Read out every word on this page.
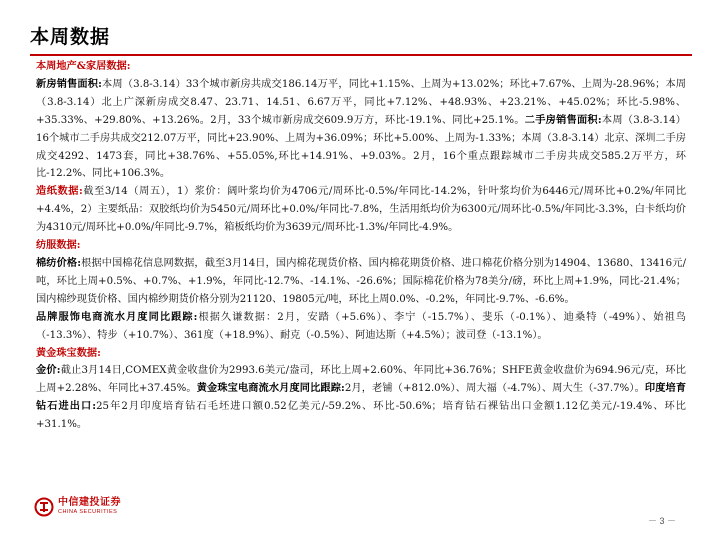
本周数据

本周地产&家居数据:

新房销售面积:本周（3.8-3.14）33个城市新房共成交186.14万平，同比+1.15%、上周为+13.02%；环比+7.67%、上周为-28.96%；本周（3.8-3.14）北上广深新房成交8.47、23.71、14.51、6.67万平，同比+7.12%、+48.93%、+23.21%、+45.02%；环比-5.98%、+35.33%、+29.80%、+13.26%。2月，33个城市新房成交609.9万方，环比-19.1%、同比+25.1%。二手房销售面积:本周（3.8-3.14）16个城市二手房共成交212.07万平，同比+23.90%、上周为+36.09%；环比+5.00%、上周为-1.33%；本周（3.8-3.14）北京、深圳二手房成交4292、1473套，同比+38.76%、+55.05%,环比+14.91%、+9.03%。2月，16个重点跟踪城市二手房共成交585.2万平方，环比-12.2%、同比+106.3%。

造纸数据:截至3/14（周五），1）浆价：阔叶浆均价为4706元/周环比-0.5%/年同比-14.2%，针叶浆均价为6446元/周环比+0.2%/年同比+4.4%，2）主要纸品：双胶纸均价为5450元/周环比+0.0%/年同比-7.8%，生活用纸均价为6300元/周环比-0.5%/年同比-3.3%，白卡纸均价为4310元/周环比+0.0%/年同比-9.7%，箱板纸均价为3639元/周环比-1.3%/年同比-4.9%。

纺服数据:

棉纺价格:根据中国棉花信息网数据，截至3月14日，国内棉花现货价格、国内棉花期货价格、进口棉花价格分别为14904、13680、13416元/吨，环比上周+0.5%、+0.7%、+1.9%，年同比-12.7%、-14.1%、-26.6%；国际棉花价格为78美分/磅，环比上周+1.9%，同比-21.4%；国内棉纱现货价格、国内棉纱期货价格分别为21120、19805元/吨，环比上周0.0%、-0.2%，年同比-9.7%、-6.6%。

品牌服饰电商流水月度同比跟踪:根据久谦数据：2月，安踏（+5.6%）、李宁（-15.7%）、斐乐（-0.1%）、迪桑特（-49%）、始祖鸟（-13.3%）、特步（+10.7%）、361度（+18.9%）、耐克（-0.5%）、阿迪达斯（+4.5%）；波司登（-13.1%）。

黄金珠宝数据:

金价:截止3月14日,COMEX黄金收盘价为2993.6美元/盎司，环比上周+2.60%、年同比+36.76%；SHFE黄金收盘价为694.96元/克，环比上周+2.28%、年同比+37.45%。黄金珠宝电商流水月度同比跟踪:2月，老铺（+812.0%）、周大福（-4.7%）、周大生（-37.7%）。印度培育钻石进出口:25年2月印度培育钻石毛坯进口额0.52亿美元/-59.2%、环比-50.6%；培育钻石裸钻出口金额1.12亿美元/-19.4%、环比+31.1%。

中信建投证券
CHINA SECURITIES
－ 3 －
